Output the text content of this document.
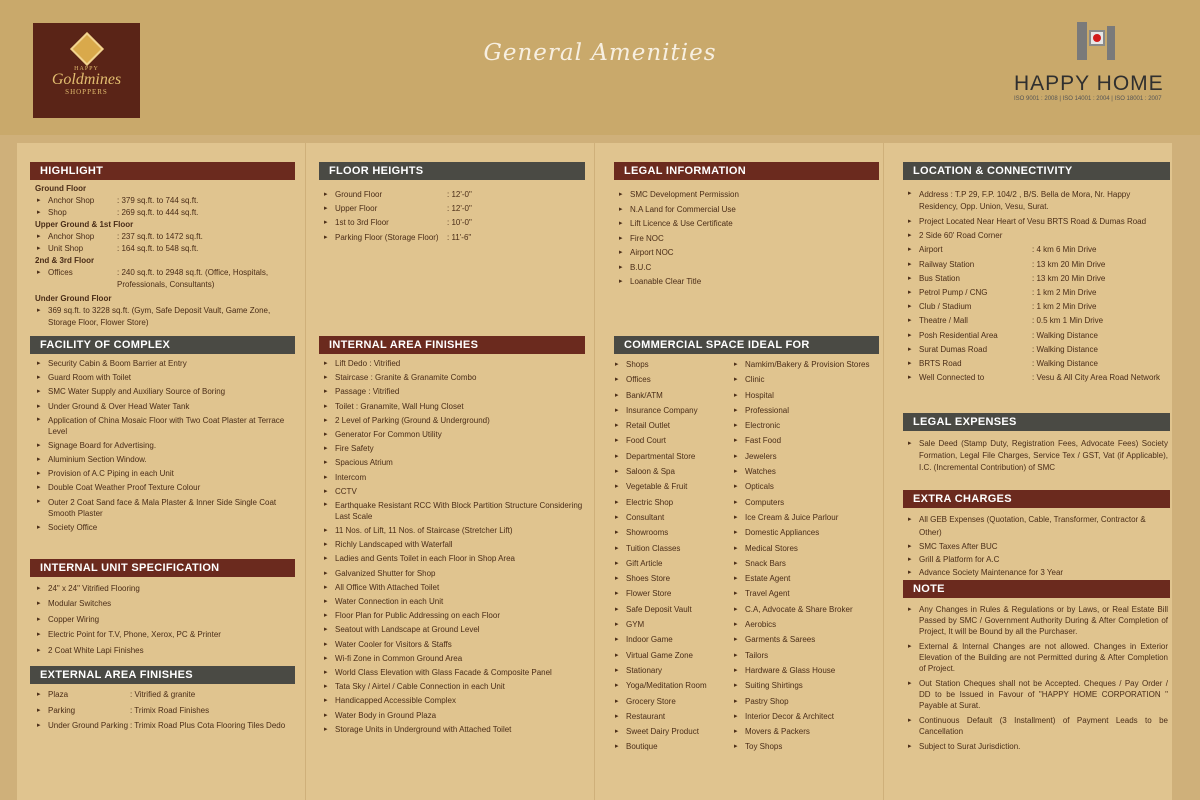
HAPPY
Goldmines
SHOPPERS
General Amenities
HAPPY HOME
ISO 9001 : 2008 | ISO 14001 : 2004 | ISO 18001 : 2007
HIGHLIGHT
Ground Floor
▸ Anchor Shop	: 379 sq.ft. to 744 sq.ft.
▸ Shop	: 269 sq.ft. to 444 sq.ft.
Upper Ground & 1st Floor
▸ Anchor Shop	: 237 sq.ft. to 1472 sq.ft.
▸ Unit Shop	: 164 sq.ft. to 548 sq.ft.
2nd & 3rd Floor
▸ Offices	: 240 sq.ft. to 2948 sq.ft. (Office, Hospitals, Professionals, Consultants)
Under Ground Floor
▸ 369 sq.ft. to 3228 sq.ft. (Gym, Safe Deposit Vault, Game Zone, Storage Floor, Flower Store)
FACILITY OF COMPLEX
▸ Security Cabin & Boom Barrier at Entry
▸ Guard Room with Toilet
▸ SMC Water Supply and Auxiliary Source of Boring
▸ Under Ground & Over Head Water Tank
▸ Application of China Mosaic Floor with Two Coat Plaster at Terrace Level
▸ Signage Board for Advertising.
▸ Aluminium Section Window.
▸ Provision of A.C Piping in each Unit
▸ Double Coat Weather Proof Texture Colour
▸ Outer 2 Coat Sand face & Mala Plaster & Inner Side Single Coat Smooth Plaster
▸ Society Office
INTERNAL UNIT SPECIFICATION
▸ 24" x 24" Vitrified Flooring
▸ Modular Switches
▸ Copper Wiring
▸ Electric Point for T.V, Phone, Xerox, PC & Printer
▸ 2 Coat White Lapi Finishes
EXTERNAL AREA FINISHES
▸ Plaza	: Vitrified & granite
▸ Parking	: Trimix Road Finishes
▸ Under Ground Parking : Trimix Road Plus Cota Flooring Tiles Dedo
FLOOR HEIGHTS
▸ Ground Floor	: 12'-0"
▸ Upper Floor	: 12'-0"
▸ 1st to 3rd Floor	: 10'-0"
▸ Parking Floor (Storage Floor)	: 11'-6"
INTERNAL AREA FINISHES
▸ Lift Dedo : Vitrified
▸ Staircase : Granite & Granamite Combo
▸ Passage : Vitrified
▸ Toilet : Granamite, Wall Hung Closet
▸ 2 Level of Parking (Ground & Underground)
▸ Generator For Common Utility
▸ Fire Safety
▸ Spacious Atrium
▸ Intercom
▸ CCTV
▸ Earthquake Resistant RCC With Block Partition Structure Considering Last Scale
▸ 11 Nos. of Lift, 11 Nos. of Staircase (Stretcher Lift)
▸ Richly Landscaped with Waterfall
▸ Ladies and Gents Toilet in each Floor in Shop Area
▸ Galvanized Shutter for Shop
▸ All Office With Attached Toilet
▸ Water Connection in each Unit
▸ Floor Plan for Public Addressing on each Floor
▸ Seatout with Landscape at Ground Level
▸ Water Cooler for Visitors & Staffs
▸ Wi-fi Zone in Common Ground Area
▸ World Class Elevation with Glass Facade & Composite Panel
▸ Tata Sky / Airtel / Cable Connection in each Unit
▸ Handicapped Accessible Complex
▸ Water Body in Ground Plaza
▸ Storage Units in Underground with Attached Toilet
LEGAL INFORMATION
▸ SMC Development Permission
▸ N.A Land for Commercial Use
▸ Lift Licence & Use Certificate
▸ Fire NOC
▸ Airport NOC
▸ B.U.C
▸ Loanable Clear Title
COMMERCIAL SPACE IDEAL FOR
▸ Shops
▸ Offices
▸ Bank/ATM
▸ Insurance Company
▸ Retail Outlet
▸ Food Court
▸ Departmental Store
▸ Saloon & Spa
▸ Vegetable & Fruit
▸ Electric Shop
▸ Consultant
▸ Showrooms
▸ Tuition Classes
▸ Gift Article
▸ Shoes Store
▸ Flower Store
▸ Safe Deposit Vault
▸ GYM
▸ Indoor Game
▸ Virtual Game Zone
▸ Stationary
▸ Yoga/Meditation Room
▸ Grocery Store
▸ Restaurant
▸ Sweet Dairy Product
▸ Boutique
▸ Namkim/Bakery & Provision Stores
▸ Clinic
▸ Hospital
▸ Professional
▸ Electronic
▸ Fast Food
▸ Jewelers
▸ Watches
▸ Opticals
▸ Computers
▸ Ice Cream & Juice Parlour
▸ Domestic Appliances
▸ Medical Stores
▸ Snack Bars
▸ Estate Agent
▸ Travel Agent
▸ C.A, Advocate & Share Broker
▸ Aerobics
▸ Garments & Sarees
▸ Tailors
▸ Hardware & Glass House
▸ Suiting Shirtings
▸ Pastry Shop
▸ Interior Decor & Architect
▸ Movers & Packers
▸ Toy Shops
LOCATION & CONNECTIVITY
▸ Address : T.P 29, F.P. 104/2 , B/S. Bella de Mora, Nr. Happy Residency, Opp. Union, Vesu, Surat.
▸ Project Located Near Heart of Vesu BRTS Road & Dumas Road
▸ 2 Side 60' Road Corner
▸ Airport	: 4 km 6 Min Drive
▸ Railway Station	: 13 km 20 Min Drive
▸ Bus Station	: 13 km 20 Min Drive
▸ Petrol Pump / CNG	: 1 km 2 Min Drive
▸ Club / Stadium	: 1 km 2 Min Drive
▸ Theatre / Mall	: 0.5 km 1 Min Drive
▸ Posh Residential Area	: Walking Distance
▸ Surat Dumas Road	: Walking Distance
▸ BRTS Road	: Walking Distance
▸ Well Connected to	: Vesu & All City Area Road Network
LEGAL EXPENSES
▸ Sale Deed (Stamp Duty, Registration Fees, Advocate Fees) Society Formation, Legal File Charges, Service Tex / GST, Vat (if Applicable), I.C. (Incremental Contribution) of SMC
EXTRA CHARGES
▸ All GEB Expenses (Quotation, Cable, Transformer, Contractor & Other)
▸ SMC Taxes After BUC
▸ Grill & Platform for A.C
▸ Advance Society Maintenance for 3 Year
NOTE
▸ Any Changes in Rules & Regulations or by Laws, or Real Estate Bill Passed by SMC / Government Authority During & After Completion of Project, It will be Bound by all the Purchaser.
▸ External & Internal Changes are not allowed. Changes in Exterior Elevation of the Building are not Permitted during & After Completion of Project.
▸ Out Station Cheques shall not be Accepted. Cheques / Pay Order / DD to be Issued in Favour of "HAPPY HOME CORPORATION " Payable at Surat.
▸ Continuous Default (3 Installment) of Payment Leads to be Cancellation
▸ Subject to Surat Jurisdiction.
